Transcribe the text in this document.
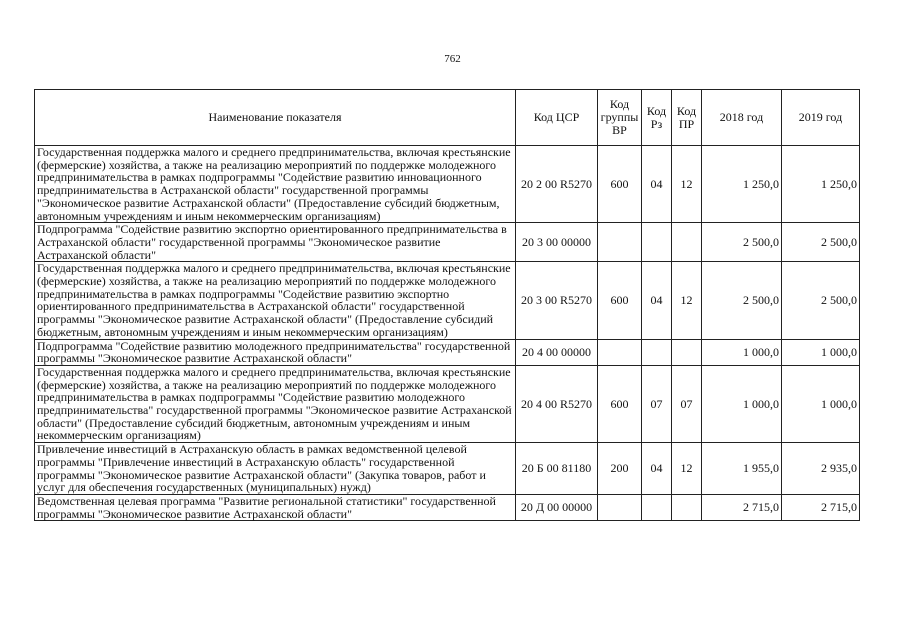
762
Наименование показателя	Код ЦСР	Код группы ВР	Код Рз	Код ПР	2018 год	2019 год
Государственная поддержка малого и среднего предпринимательства, включая крестьянские (фермерские) хозяйства, а также на реализацию мероприятий по поддержке молодежного предпринимательства в рамках подпрограммы "Содействие развитию инновационного предпринимательства в Астраханской области" государственной программы "Экономическое развитие Астраханской области" (Предоставление субсидий бюджетным, автономным учреждениям и иным некоммерческим организациям)	20 2 00 R5270	600	04	12	1 250,0	1 250,0
Подпрограмма "Содействие развитию экспортно ориентированного предпринимательства в Астраханской области" государственной программы "Экономическое развитие Астраханской области"	20 3 00 00000				2 500,0	2 500,0
Государственная поддержка малого и среднего предпринимательства, включая крестьянские (фермерские) хозяйства, а также на реализацию мероприятий по поддержке молодежного предпринимательства в рамках подпрограммы "Содействие развитию экспортно ориентированного предпринимательства в Астраханской области" государственной программы "Экономическое развитие Астраханской области" (Предоставление субсидий бюджетным, автономным учреждениям и иным некоммерческим организациям)	20 3 00 R5270	600	04	12	2 500,0	2 500,0
Подпрограмма "Содействие развитию молодежного предпринимательства" государственной программы "Экономическое развитие Астраханской области"	20 4 00 00000				1 000,0	1 000,0
Государственная поддержка малого и среднего предпринимательства, включая крестьянские (фермерские) хозяйства, а также на реализацию мероприятий по поддержке молодежного предпринимательства в рамках подпрограммы "Содействие развитию молодежного предпринимательства" государственной программы "Экономическое развитие Астраханской области" (Предоставление субсидий бюджетным, автономным учреждениям и иным некоммерческим организациям)	20 4 00 R5270	600	07	07	1 000,0	1 000,0
Привлечение инвестиций в Астраханскую область в рамках ведомственной целевой программы "Привлечение инвестиций в Астраханскую область" государственной программы "Экономическое развитие Астраханской области" (Закупка товаров, работ и услуг для обеспечения государственных (муниципальных) нужд)	20 Б 00 81180	200	04	12	1 955,0	2 935,0
Ведомственная целевая программа "Развитие региональной статистики" государственной программы "Экономическое развитие Астраханской области"	20 Д 00 00000				2 715,0	2 715,0
